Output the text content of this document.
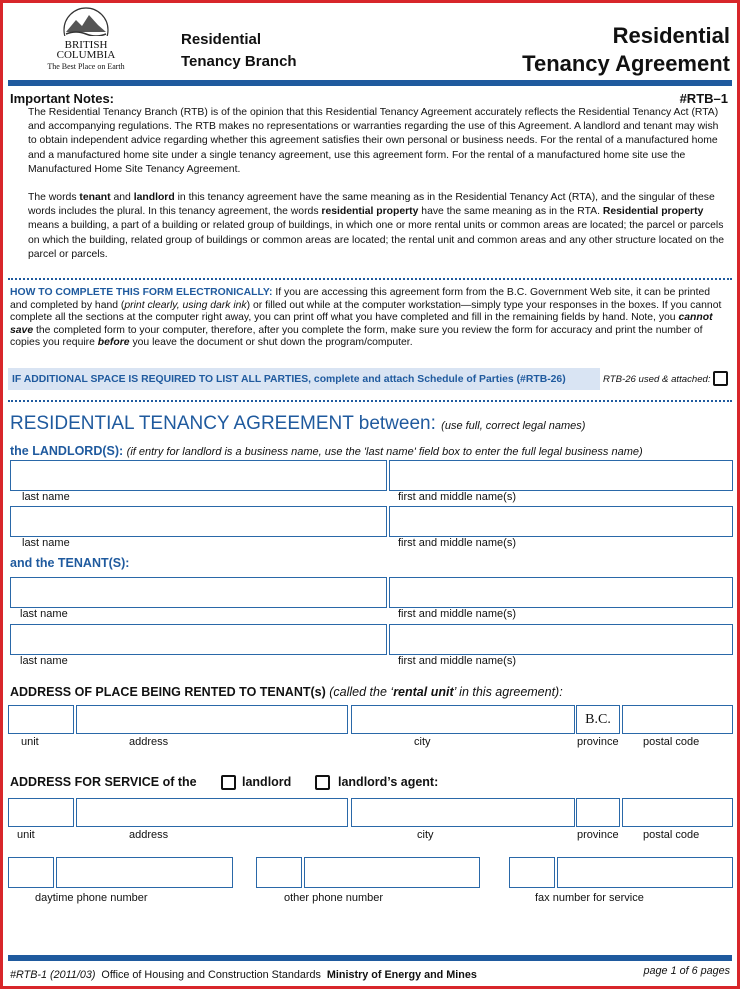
BRITISH
COLUMBIA
The Best Place on Earth
Residential
Tenancy Branch
Residential
Tenancy Agreement
Important Notes:	#RTB–1
The Residential Tenancy Branch (RTB) is of the opinion that this Residential Tenancy Agreement accurately reflects the Residential Tenancy Act (RTA) and accompanying regulations. The RTB makes no representations or warranties regarding the use of this Agreement. A landlord and tenant may wish to obtain independent advice regarding whether this agreement satisfies their own personal or business needs. For the rental of a manufactured home and a manufactured home site under a single tenancy agreement, use this agreement form. For the rental of a manufactured home site use the Manufactured Home Site Tenancy Agreement.
The words tenant and landlord in this tenancy agreement have the same meaning as in the Residential Tenancy Act (RTA), and the singular of these words includes the plural. In this tenancy agreement, the words residential property have the same meaning as in the RTA. Residential property means a building, a part of a building or related group of buildings, in which one or more rental units or common areas are located; the parcel or parcels on which the building, related group of buildings or common areas are located; the rental unit and common areas and any other structure located on the parcel or parcels.
HOW TO COMPLETE THIS FORM ELECTRONICALLY: If you are accessing this agreement form from the B.C. Government Web site, it can be printed and completed by hand (print clearly, using dark ink) or filled out while at the computer workstation—simply type your responses in the boxes. If you cannot complete all the sections at the computer right away, you can print off what you have completed and fill in the remaining fields by hand. Note, you cannot save the completed form to your computer, therefore, after you complete the form, make sure you review the form for accuracy and print the number of copies you require before you leave the document or shut down the program/computer.
IF ADDITIONAL SPACE IS REQUIRED TO LIST ALL PARTIES, complete and attach Schedule of Parties (#RTB-26)	RTB-26 used & attached:
RESIDENTIAL TENANCY AGREEMENT between: (use full, correct legal names)
the LANDLORD(S): (if entry for landlord is a business name, use the 'last name' field box to enter the full legal business name)
last name	first and middle name(s)
last name	first and middle name(s)
and the TENANT(S):
last name	first and middle name(s)
last name	first and middle name(s)
ADDRESS OF PLACE BEING RENTED TO TENANT(s) (called the ‘rental unit’ in this agreement):
B.C.
unit	address	city	province postal code
ADDRESS FOR SERVICE of the	landlord	landlord’s agent:
unit	address	city	province postal code
daytime phone number	other phone number	fax number for service
#RTB-1 (2011/03) Office of Housing and Construction Standards Ministry of Energy and Mines	page 1 of 6 pages
